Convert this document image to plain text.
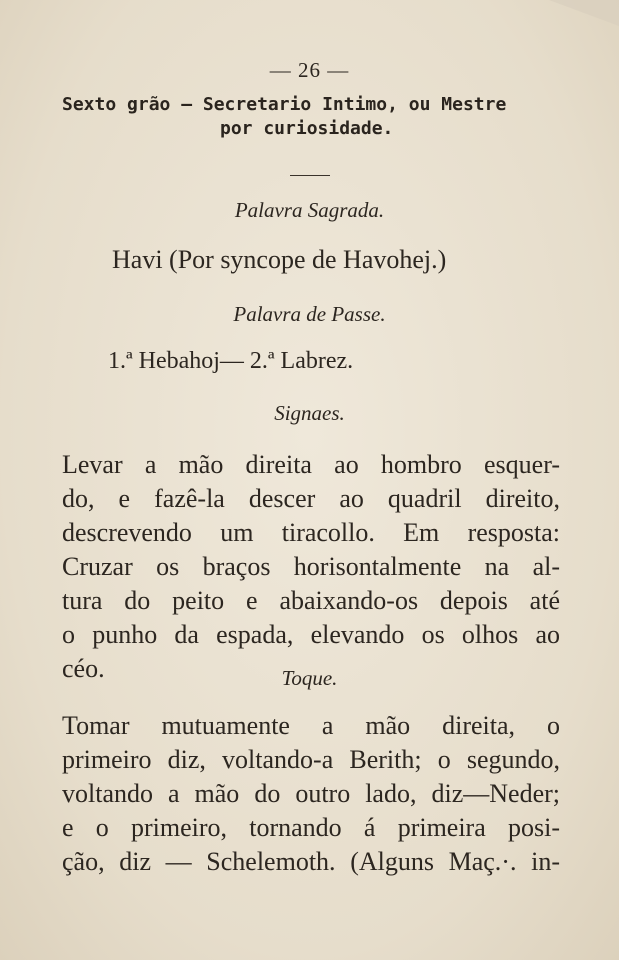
— 26 —
Sexto grão — Secretario Intimo, ou Mestre
por curiosidade.
Palavra Sagrada.
Havi (Por syncope de Havohej.)
Palavra de Passe.
1.ª Hebahoj— 2.ª Labrez.
Signaes.
Levar a mão direita ao hombro esquer-
do, e fazê-la descer ao quadril direito,
descrevendo um tiracollo. Em resposta:
Cruzar os braços horisontalmente na al-
tura do peito e abaixando-os depois até
o punho da espada, elevando os olhos ao
céo.	Toque.
Tomar mutuamente a mão direita, o
primeiro diz, voltando-a Berith; o segundo,
voltando a mão do outro lado, diz—Neder;
e o primeiro, tornando á primeira posi-
ção, diz — Schelemoth. (Alguns Maç.·. in-
